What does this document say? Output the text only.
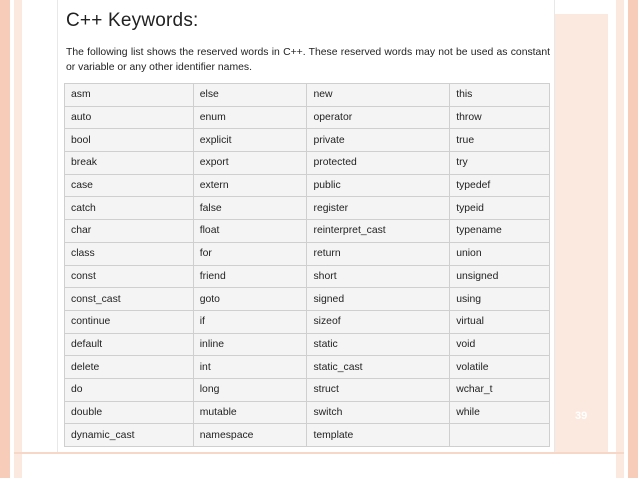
C++ Keywords:
The following list shows the reserved words in C++. These reserved words may not be used as constant or variable or any other identifier names.
asm	else	new	this
auto	enum	operator	throw
bool	explicit	private	true
break	export	protected	try
case	extern	public	typedef
catch	false	register	typeid
char	float	reinterpret_cast	typename
class	for	return	union
const	friend	short	unsigned
const_cast	goto	signed	using
continue	if	sizeof	virtual
default	inline	static	void
delete	int	static_cast	volatile
do	long	struct	wchar_t
double	mutable	switch	while
dynamic_cast	namespace	template	
39
